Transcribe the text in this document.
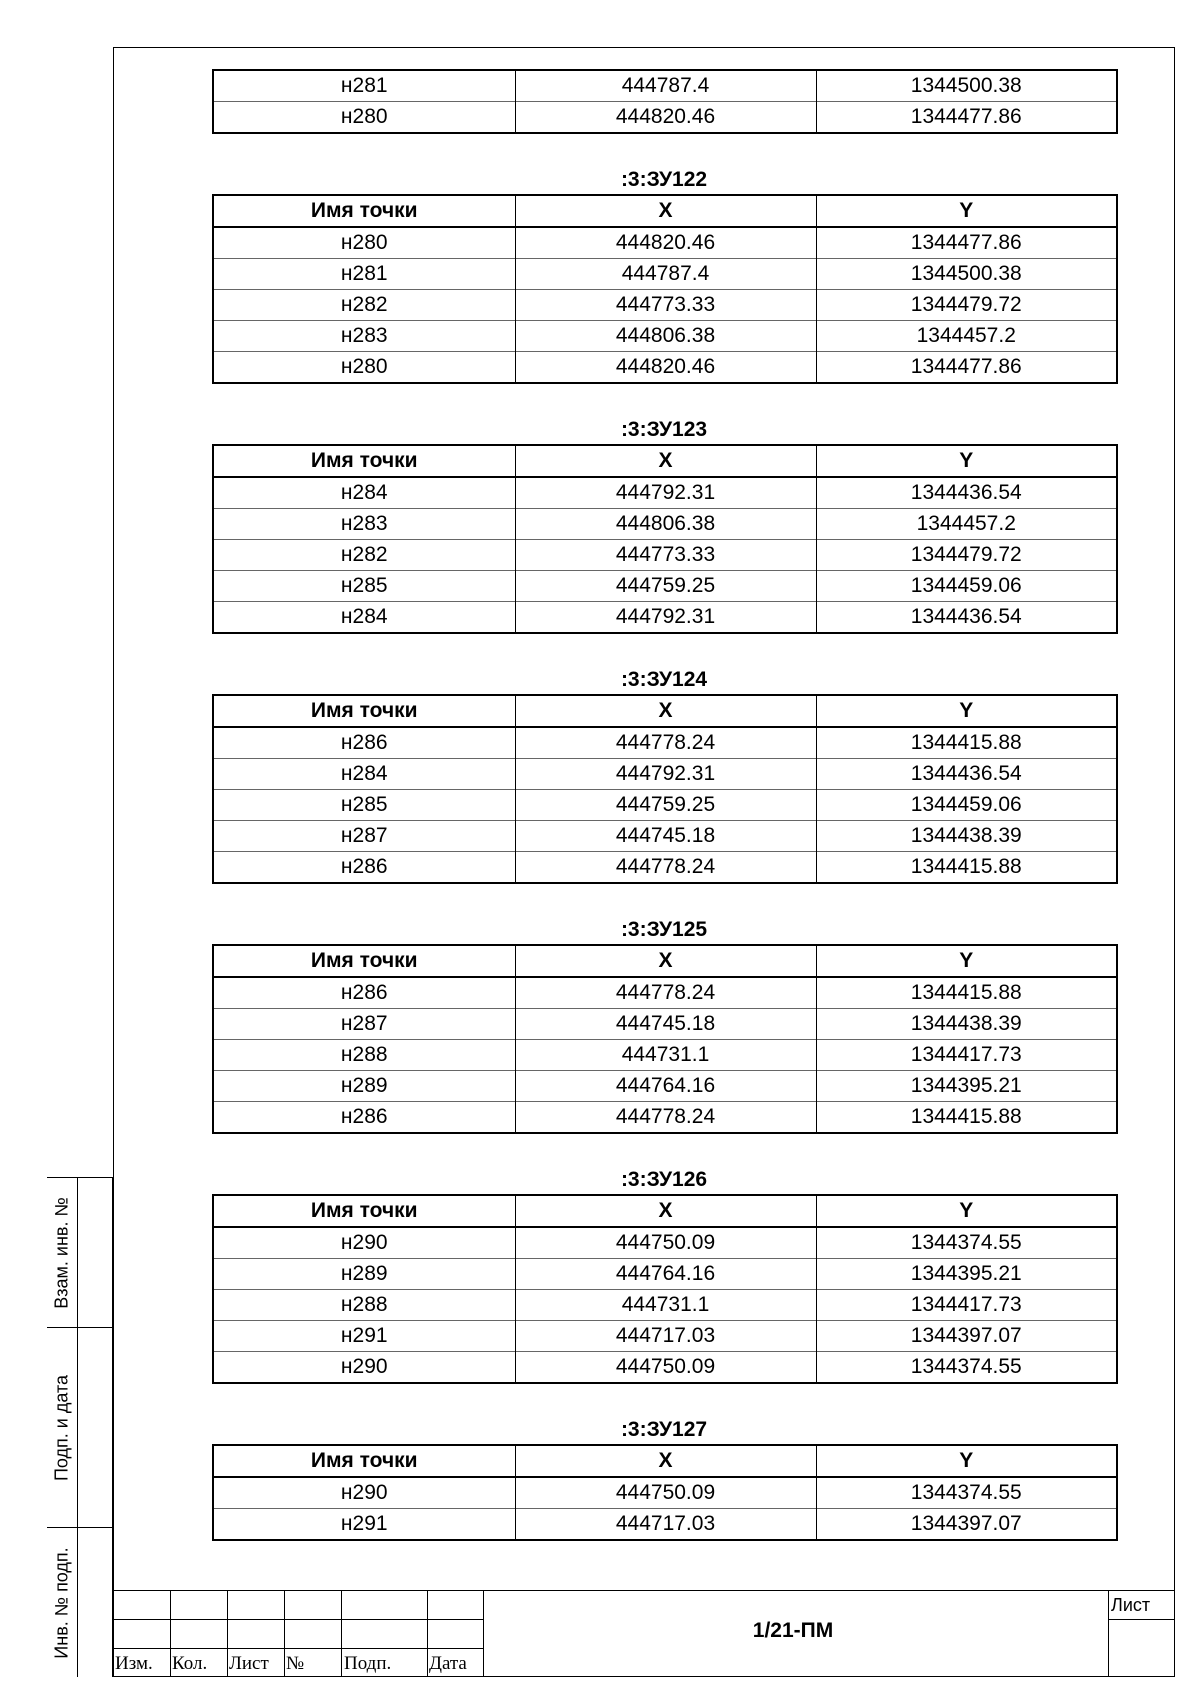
н281	444787.4	1344500.38
н280	444820.46	1344477.86
:3:ЗУ122
Имя точки	X	Y
н280	444820.46	1344477.86
н281	444787.4	1344500.38
н282	444773.33	1344479.72
н283	444806.38	1344457.2
н280	444820.46	1344477.86
:3:ЗУ123
Имя точки	X	Y
н284	444792.31	1344436.54
н283	444806.38	1344457.2
н282	444773.33	1344479.72
н285	444759.25	1344459.06
н284	444792.31	1344436.54
:3:ЗУ124
Имя точки	X	Y
н286	444778.24	1344415.88
н284	444792.31	1344436.54
н285	444759.25	1344459.06
н287	444745.18	1344438.39
н286	444778.24	1344415.88
:3:ЗУ125
Имя точки	X	Y
н286	444778.24	1344415.88
н287	444745.18	1344438.39
н288	444731.1	1344417.73
н289	444764.16	1344395.21
н286	444778.24	1344415.88
:3:ЗУ126
Имя точки	X	Y
н290	444750.09	1344374.55
н289	444764.16	1344395.21
н288	444731.1	1344417.73
н291	444717.03	1344397.07
н290	444750.09	1344374.55
:3:ЗУ127
Имя точки	X	Y
н290	444750.09	1344374.55
н291	444717.03	1344397.07
Взам. инв. №
Подп. и дата
Инв. № подп.
Изм. Кол. Лист № Подп. Дата
1/21-ПМ
Лист
